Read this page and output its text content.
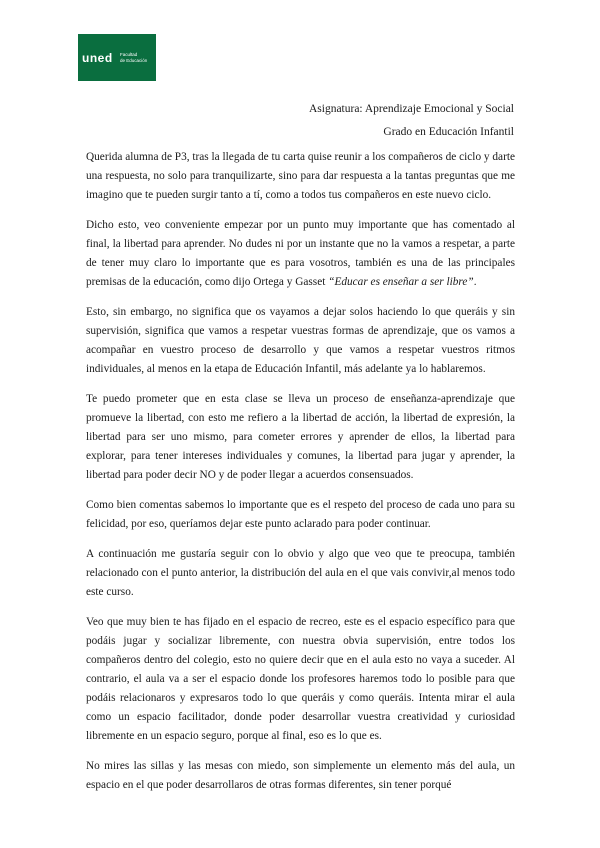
uned	Facultad
de Educación
Asignatura: Aprendizaje Emocional y Social
Grado en Educación Infantil

Querida alumna de P3, tras la llegada de tu carta quise reunir a los compañeros de ciclo y darte una respuesta, no solo para tranquilizarte, sino para dar respuesta a la tantas preguntas que me imagino que te pueden surgir tanto a tí, como a todos tus compañeros en este nuevo ciclo.

Dicho esto, veo conveniente empezar por un punto muy importante que has comentado al final, la libertad para aprender. No dudes ni por un instante que no la vamos a respetar, a parte de tener muy claro lo importante que es para vosotros, también es una de las principales premisas de la educación, como dijo Ortega y Gasset “Educar es enseñar a ser libre”.

Esto, sin embargo, no significa que os vayamos a dejar solos haciendo lo que queráis y sin supervisión, significa que vamos a respetar vuestras formas de aprendizaje, que os vamos a acompañar en vuestro proceso de desarrollo y que vamos a respetar vuestros ritmos individuales, al menos en la etapa de Educación Infantil, más adelante ya lo hablaremos.

Te puedo prometer que en esta clase se lleva un proceso de enseñanza-aprendizaje que promueve la libertad, con esto me refiero a la libertad de acción, la libertad de expresión, la libertad para ser uno mismo, para cometer errores y aprender de ellos, la libertad para explorar, para tener intereses individuales y comunes, la libertad para jugar y aprender, la libertad para poder decir NO y de poder llegar a acuerdos consensuados.

Como bien comentas sabemos lo importante que es el respeto del proceso de cada uno para su felicidad, por eso, queríamos dejar este punto aclarado para poder continuar.

A continuación me gustaría seguir con lo obvio y algo que veo que te preocupa, también relacionado con el punto anterior, la distribución del aula en el que vais convivir,al menos todo este curso.

Veo que muy bien te has fijado en el espacio de recreo, este es el espacio específico para que podáis jugar y socializar libremente, con nuestra obvia supervisión, entre todos los compañeros dentro del colegio, esto no quiere decir que en el aula esto no vaya a suceder. Al contrario, el aula va a ser el espacio donde los profesores haremos todo lo posible para que podáis relacionaros y expresaros todo lo que queráis y como queráis. Intenta mirar el aula como un espacio facilitador, donde poder desarrollar vuestra creatividad y curiosidad libremente en un espacio seguro, porque al final, eso es lo que es.

No mires las sillas y las mesas con miedo, son simplemente un elemento más del aula, un espacio en el que poder desarrollaros de otras formas diferentes, sin tener porqué
